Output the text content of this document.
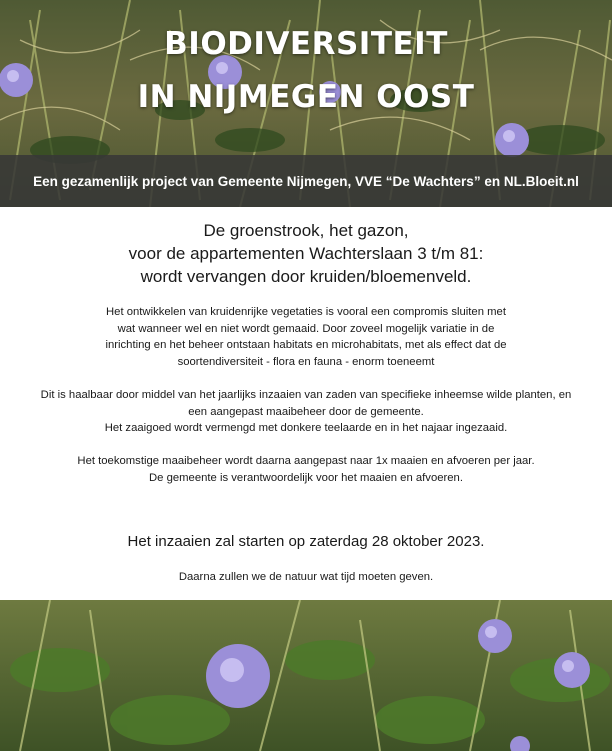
BIODIVERSITEIT
IN NIJMEGEN OOST
Een gezamenlijk project van Gemeente Nijmegen, VVE “De Wachters” en NL.Bloeit.nl
De groenstrook, het gazon,
voor de appartementen Wachterslaan 3 t/m 81:
wordt vervangen door kruiden/bloemenveld.
Het ontwikkelen van kruidenrijke vegetaties is vooral een compromis sluiten met
wat wanneer wel en niet wordt gemaaid. Door zoveel mogelijk variatie in de
inrichting en het beheer ontstaan habitats en microhabitats, met als effect dat de
soortendiversiteit - flora en fauna - enorm toeneemt
Dit is haalbaar door middel van het jaarlijks inzaaien van zaden van specifieke inheemse wilde planten, en
een aangepast maaibeheer door de gemeente.
Het zaaigoed wordt vermengd met donkere teelaarde en in het najaar ingezaaid.
Het toekomstige maaibeheer wordt daarna aangepast naar 1x maaien en afvoeren per jaar.
De gemeente is verantwoordelijk voor het maaien en afvoeren.
Het inzaaien zal starten op zaterdag 28 oktober 2023.
Daarna zullen we de natuur wat tijd moeten geven.
